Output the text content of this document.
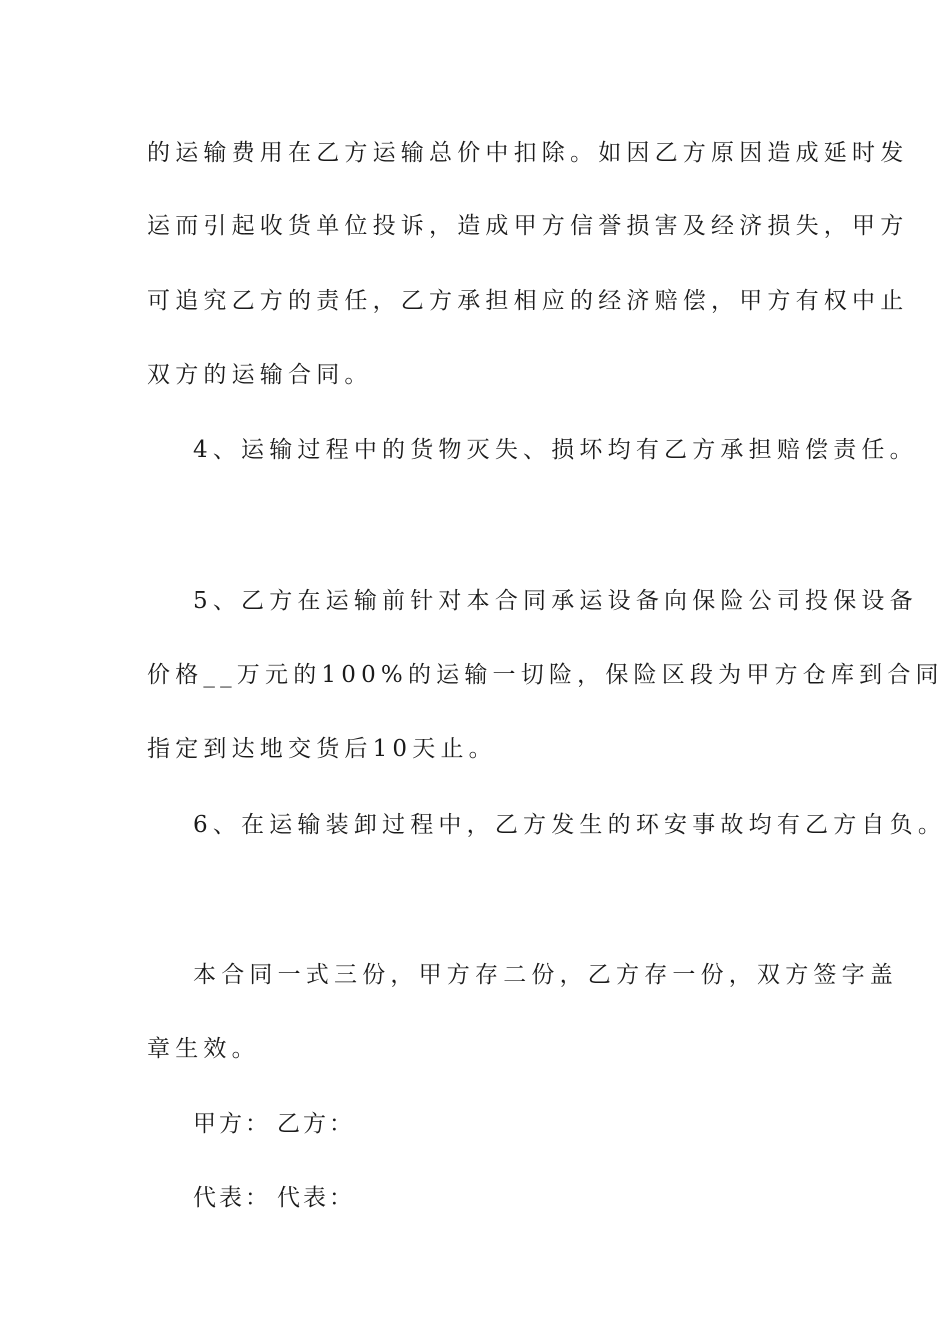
的运输费用在乙方运输总价中扣除。如因乙方原因造成延时发
运而引起收货单位投诉，造成甲方信誉损害及经济损失，甲方
可追究乙方的责任，乙方承担相应的经济赔偿，甲方有权中止
双方的运输合同。
4、运输过程中的货物灭失、损坏均有乙方承担赔偿责任。
5、乙方在运输前针对本合同承运设备向保险公司投保设备
价格__万元的100%的运输一切险，保险区段为甲方仓库到合同
指定到达地交货后10天止。
6、在运输装卸过程中，乙方发生的环安事故均有乙方自负。
本合同一式三份，甲方存二份，乙方存一份，双方签字盖
章生效。
甲方： 乙方：
代表： 代表：
